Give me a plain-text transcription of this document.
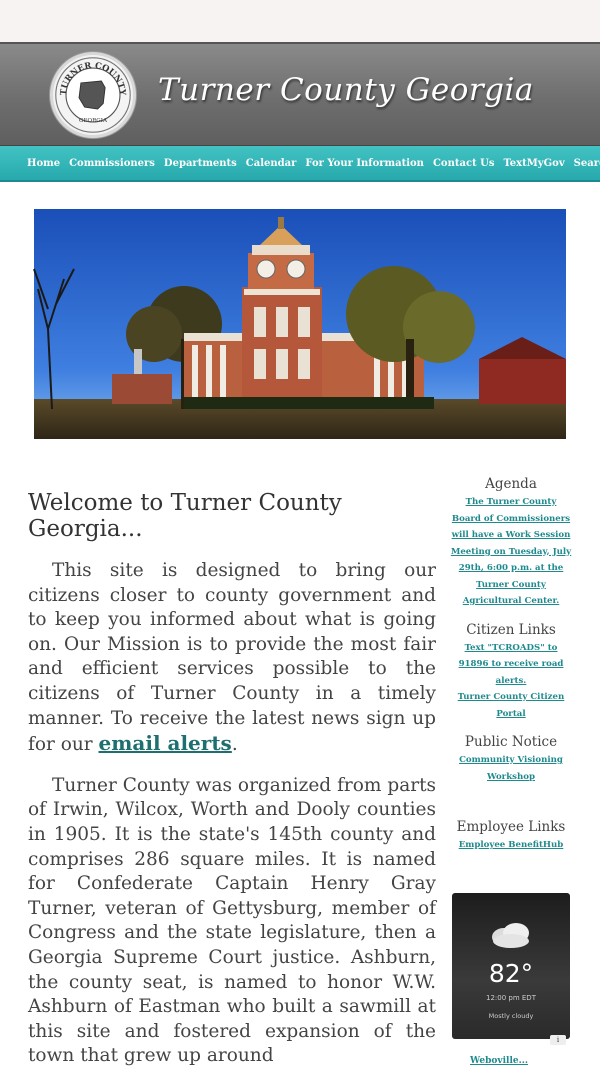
TURNER COUNTY
GEORGIA
Turner County Georgia
Home Commissioners Departments Calendar For Your Information Contact Us TextMyGov Search
Welcome to Turner County Georgia...

This site is designed to bring our citizens closer to county government and to keep you informed about what is going on. Our Mission is to provide the most fair and efficient services possible to the citizens of Turner County in a timely manner. To receive the latest news sign up for our email alerts.

Turner County was organized from parts of Irwin, Wilcox, Worth and Dooly counties in 1905. It is the state's 145th county and comprises 286 square miles. It is named for Confederate Captain Henry Gray Turner, veteran of Gettysburg, member of Congress and the state legislature, then a Georgia Supreme Court justice. Ashburn, the county seat, is named to honor W.W. Ashburn of Eastman who built a sawmill at this site and fostered expansion of the town that grew up around

Agenda
The Turner County Board of Commissioners will have a Work Session Meeting on Tuesday, July 29th, 6:00 p.m. at the Turner County Agricultural Center.
Citizen Links
Text "TCROADS" to 91896 to receive road alerts.
Turner County Citizen Portal
Public Notice
Community Visioning Workshop
Employee Links
Employee BenefitHub
82°
12:00 pm EDT
Mostly cloudy
i
Weboville...
